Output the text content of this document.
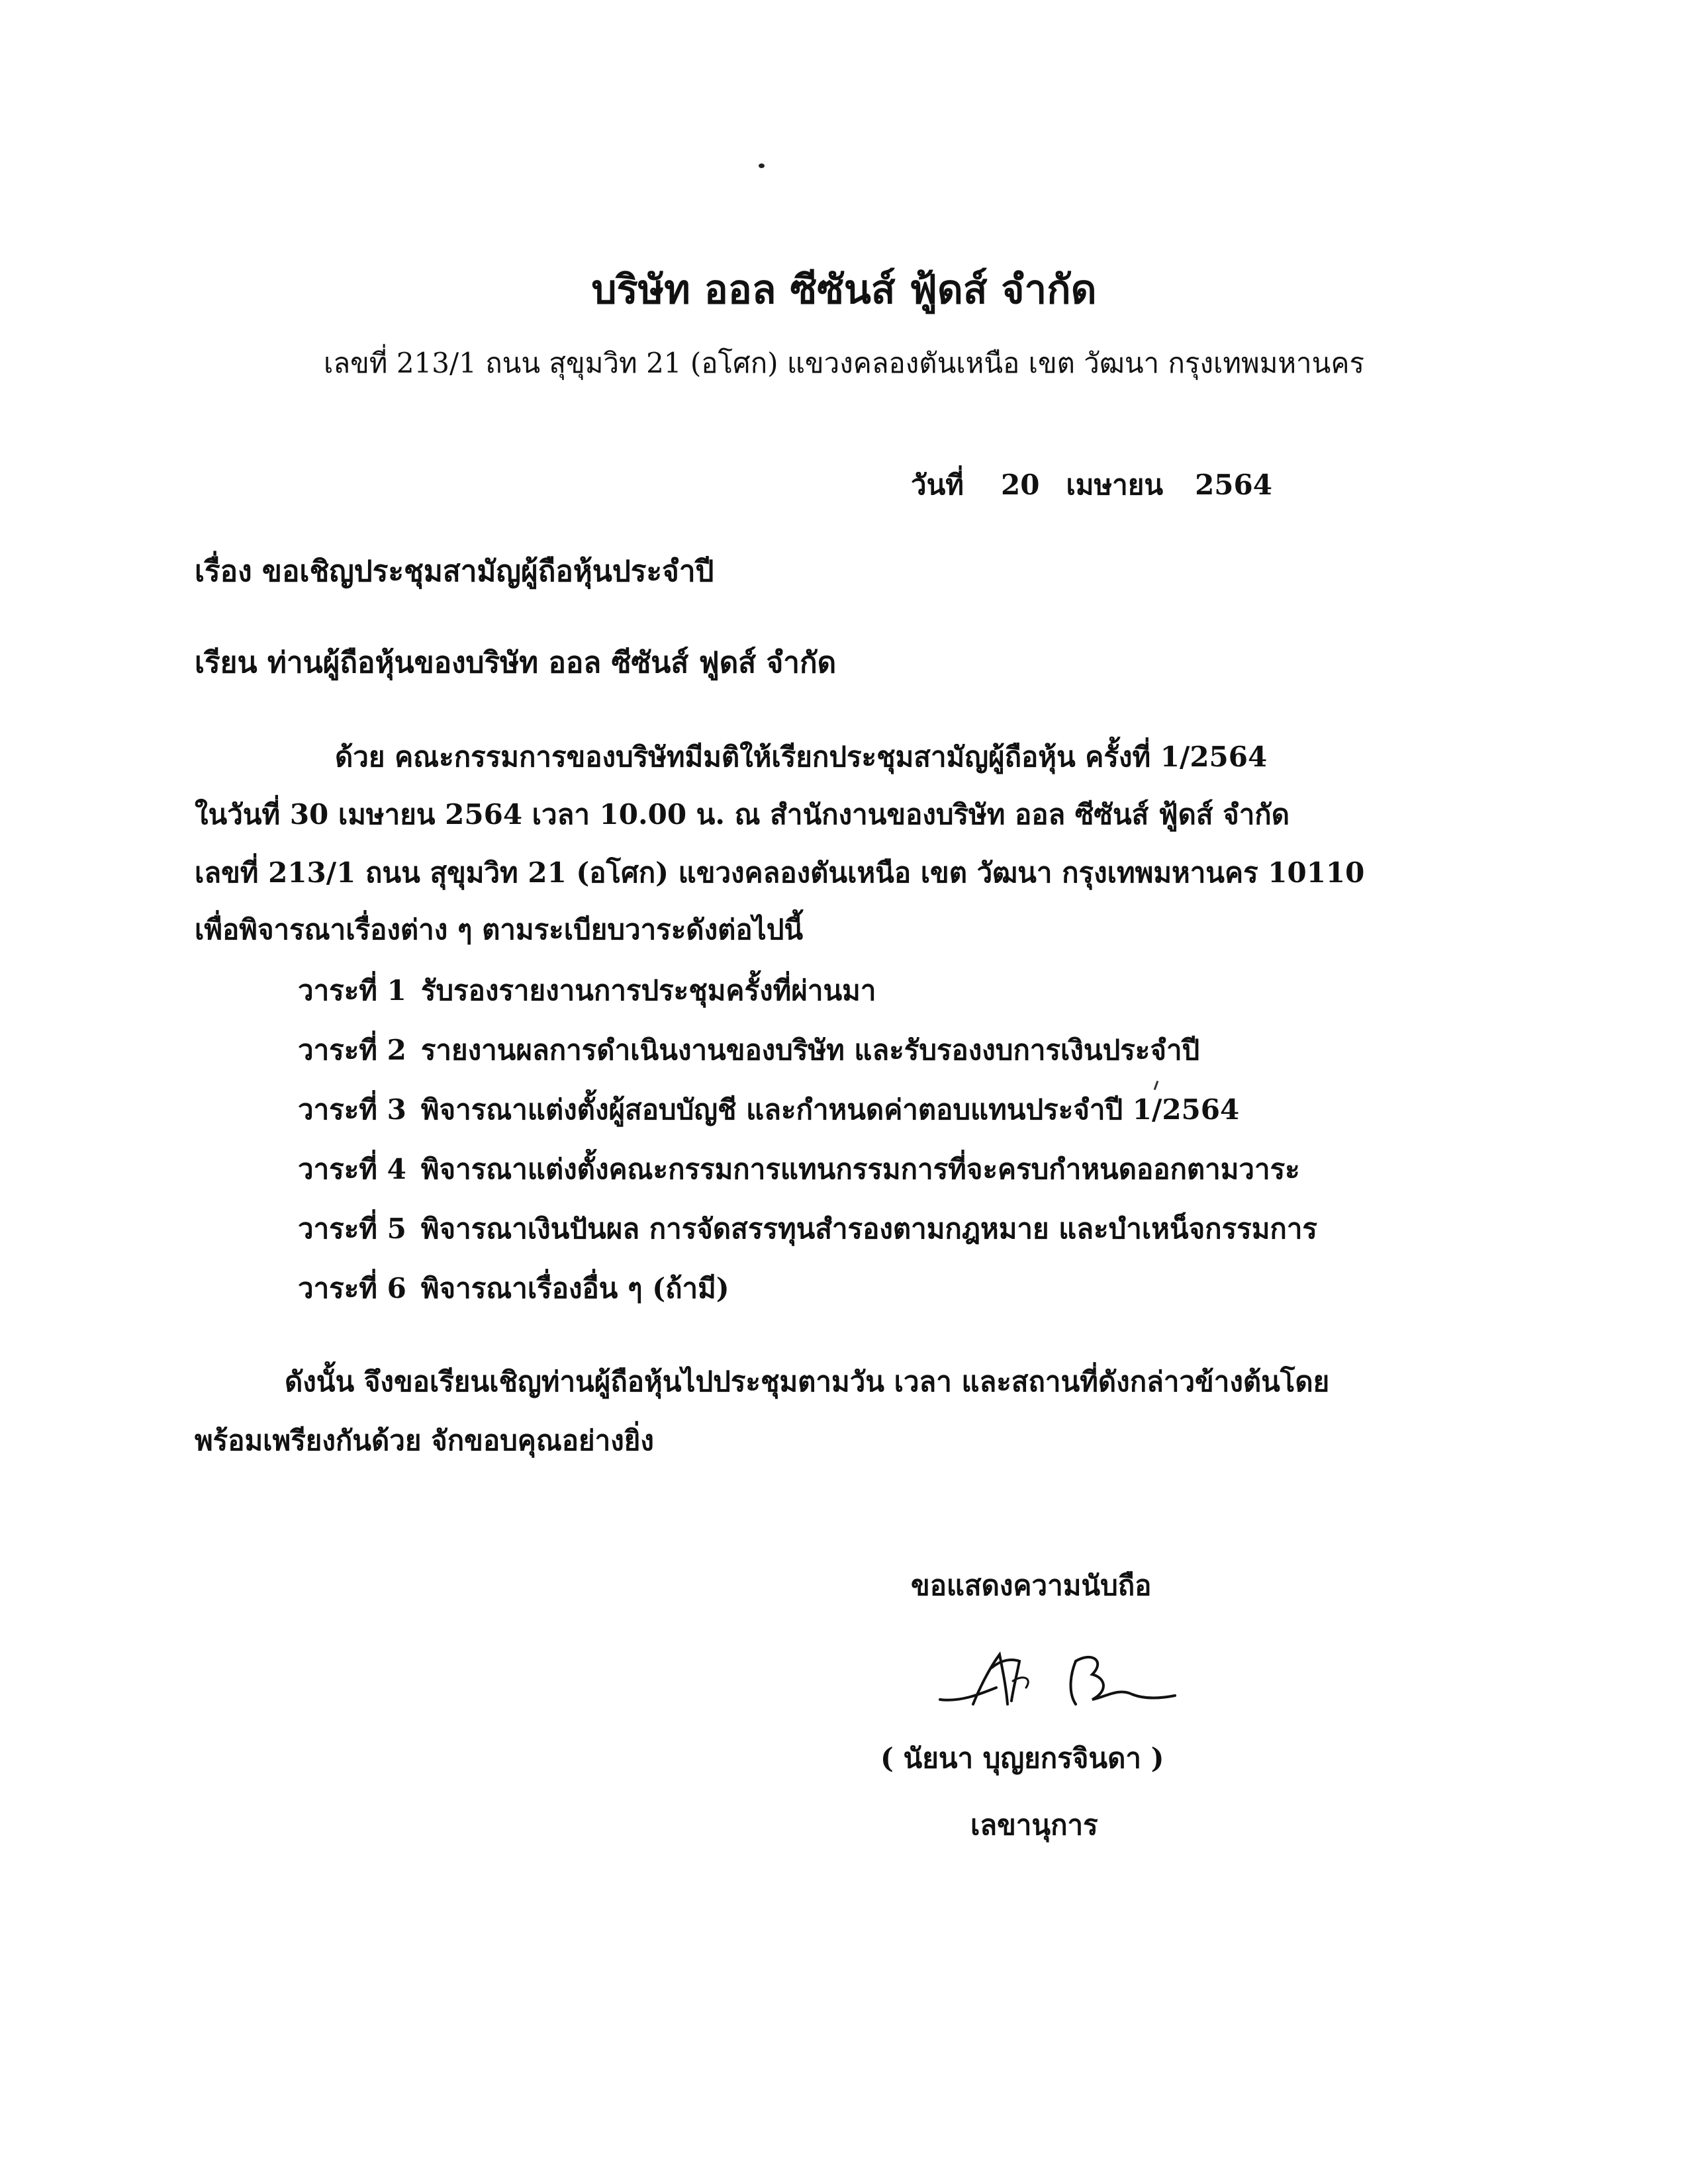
บริษัท ออล ซีซันส์ ฟู้ดส์ จำกัด
เลขที่ 213/1 ถนน สุขุมวิท 21 (อโศก) แขวงคลองตันเหนือ เขต วัฒนา กรุงเทพมหานคร
วันที่ 20 เมษายน 2564
เรื่อง ขอเชิญประชุมสามัญผู้ถือหุ้นประจำปี
เรียน ท่านผู้ถือหุ้นของบริษัท ออล ซีซันส์ ฟูดส์ จำกัด
ด้วย คณะกรรมการของบริษัทมีมติให้เรียกประชุมสามัญผู้ถือหุ้น ครั้งที่ 1/2564
ในวันที่ 30 เมษายน 2564 เวลา 10.00 น. ณ สำนักงานของบริษัท ออล ซีซันส์ ฟู้ดส์ จำกัด
เลขที่ 213/1 ถนน สุขุมวิท 21 (อโศก) แขวงคลองตันเหนือ เขต วัฒนา กรุงเทพมหานคร 10110
เพื่อพิจารณาเรื่องต่าง ๆ ตามระเบียบวาระดังต่อไปนี้
วาระที่ 1 รับรองรายงานการประชุมครั้งที่ผ่านมา
วาระที่ 2 รายงานผลการดำเนินงานของบริษัท และรับรองงบการเงินประจำปี
วาระที่ 3 พิจารณาแต่งตั้งผู้สอบบัญชี และกำหนดค่าตอบแทนประจำปี 1/2564
วาระที่ 4 พิจารณาแต่งตั้งคณะกรรมการแทนกรรมการที่จะครบกำหนดออกตามวาระ
วาระที่ 5 พิจารณาเงินปันผล การจัดสรรทุนสำรองตามกฎหมาย และบำเหน็จกรรมการ
วาระที่ 6 พิจารณาเรื่องอื่น ๆ (ถ้ามี)
ดังนั้น จึงขอเรียนเชิญท่านผู้ถือหุ้นไปประชุมตามวัน เวลา และสถานที่ดังกล่าวข้างต้นโดย
พร้อมเพรียงกันด้วย จักขอบคุณอย่างยิ่ง
ขอแสดงความนับถือ
( นัยนา บุญยกรจินดา )
เลขานุการ
